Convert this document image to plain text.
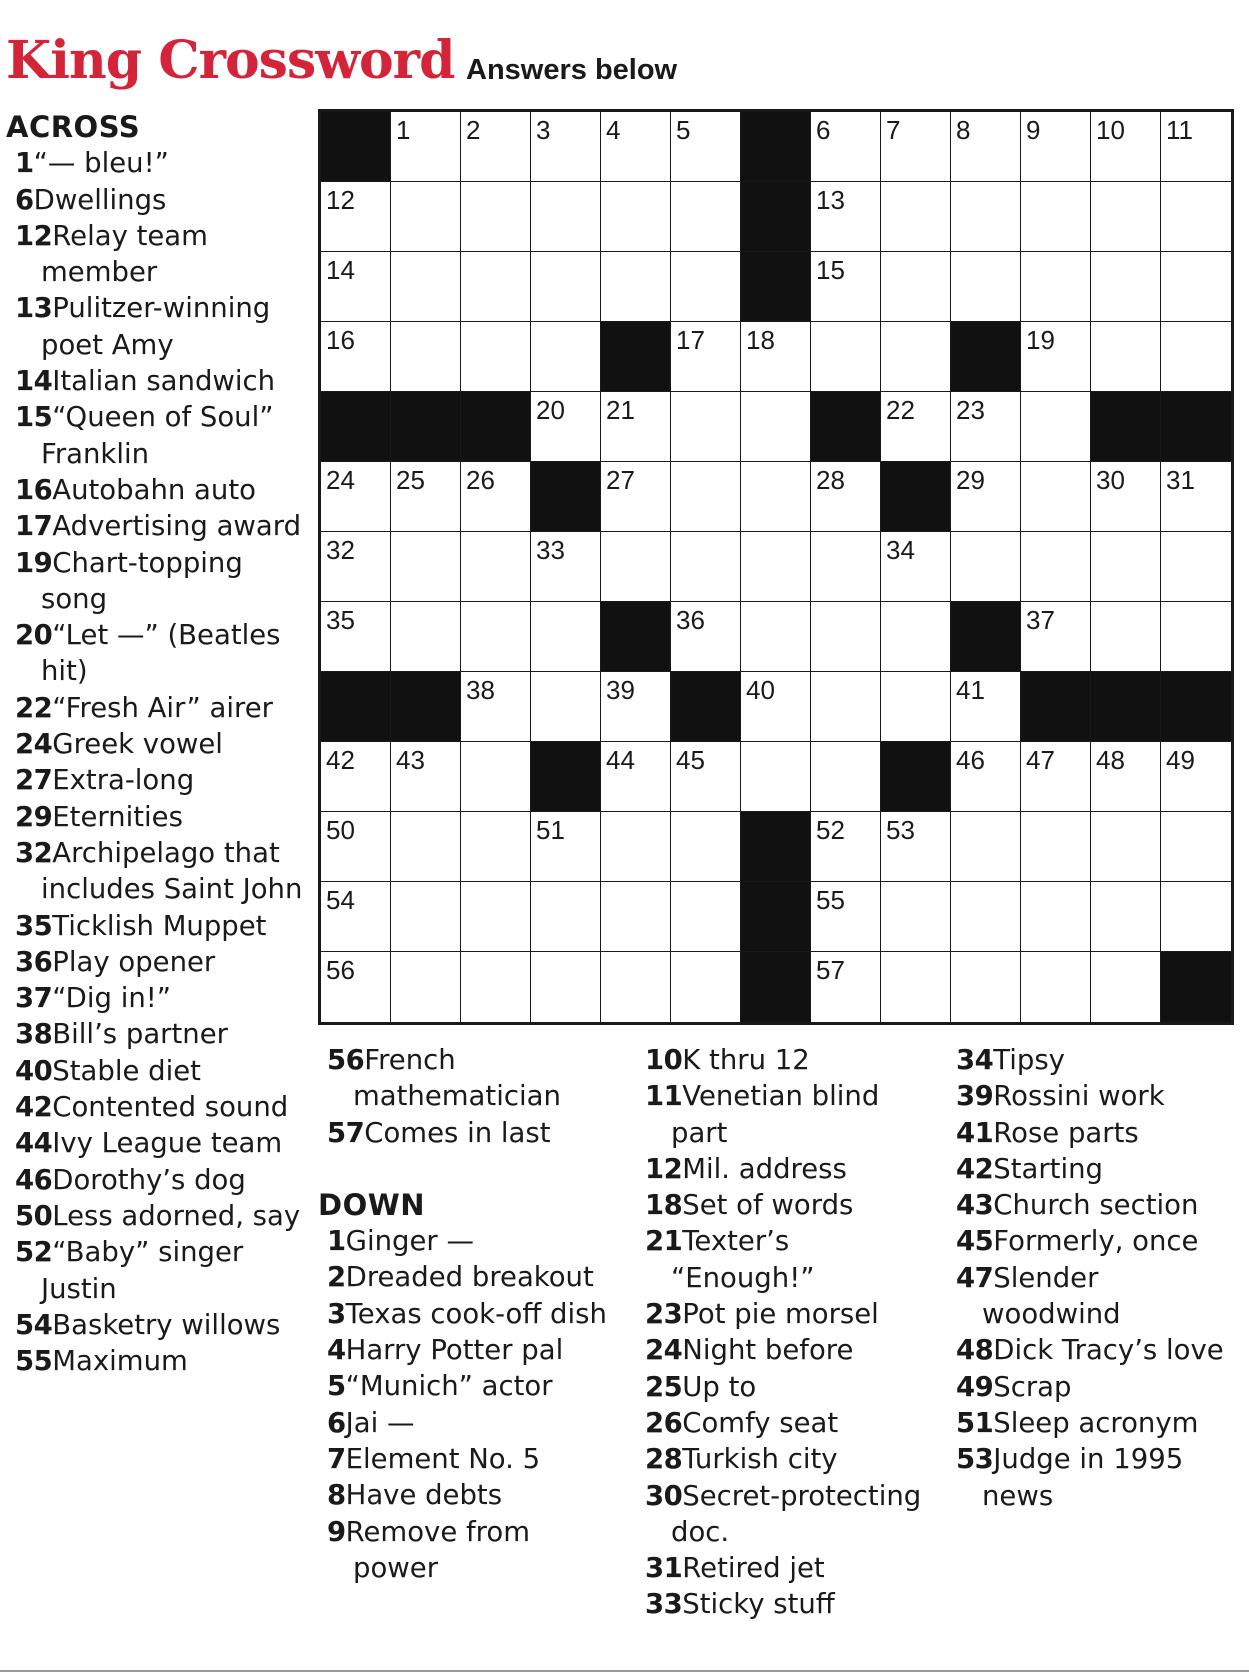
King Crossword Answers below
ACROSS
1“— bleu!”
6Dwellings
12Relay team member
13Pulitzer-winning poet Amy
14Italian sandwich
15“Queen of Soul” Franklin
16Autobahn auto
17Advertising award
19Chart-topping song
20“Let —” (Beatles hit)
22“Fresh Air” airer
24Greek vowel
27Extra-long
29Eternities
32Archipelago that includes Saint John
35Ticklish Muppet
36Play opener
37“Dig in!”
38Bill’s partner
40Stable diet
42Contented sound
44Ivy League team
46Dorothy’s dog
50Less adorned, say
52“Baby” singer Justin
54Basketry willows
55Maximum
56French mathematician
57Comes in last
DOWN
1Ginger —
2Dreaded breakout
3Texas cook-off dish
4Harry Potter pal
5“Munich” actor
6Jai —
7Element No. 5
8Have debts
9Remove from power
10K thru 12
11Venetian blind part
12Mil. address
18Set of words
21Texter’s “Enough!”
23Pot pie morsel
24Night before
25Up to
26Comfy seat
28Turkish city
30Secret-protecting doc.
31Retired jet
33Sticky stuff
34Tipsy
39Rossini work
41Rose parts
42Starting
43Church section
45Formerly, once
47Slender woodwind
48Dick Tracy’s love
49Scrap
51Sleep acronym
53Judge in 1995 news
1 2 3 4 5	6 7 8 9 10 11
12	13
14	15
16	17 18	19
20 21	22 23
24 25 26	27	28	29	30 31
32	33	34
35	36	37
38	39	40	41
42 43	44 45	46 47 48 49
50	51	52 53
54	55
56	57
